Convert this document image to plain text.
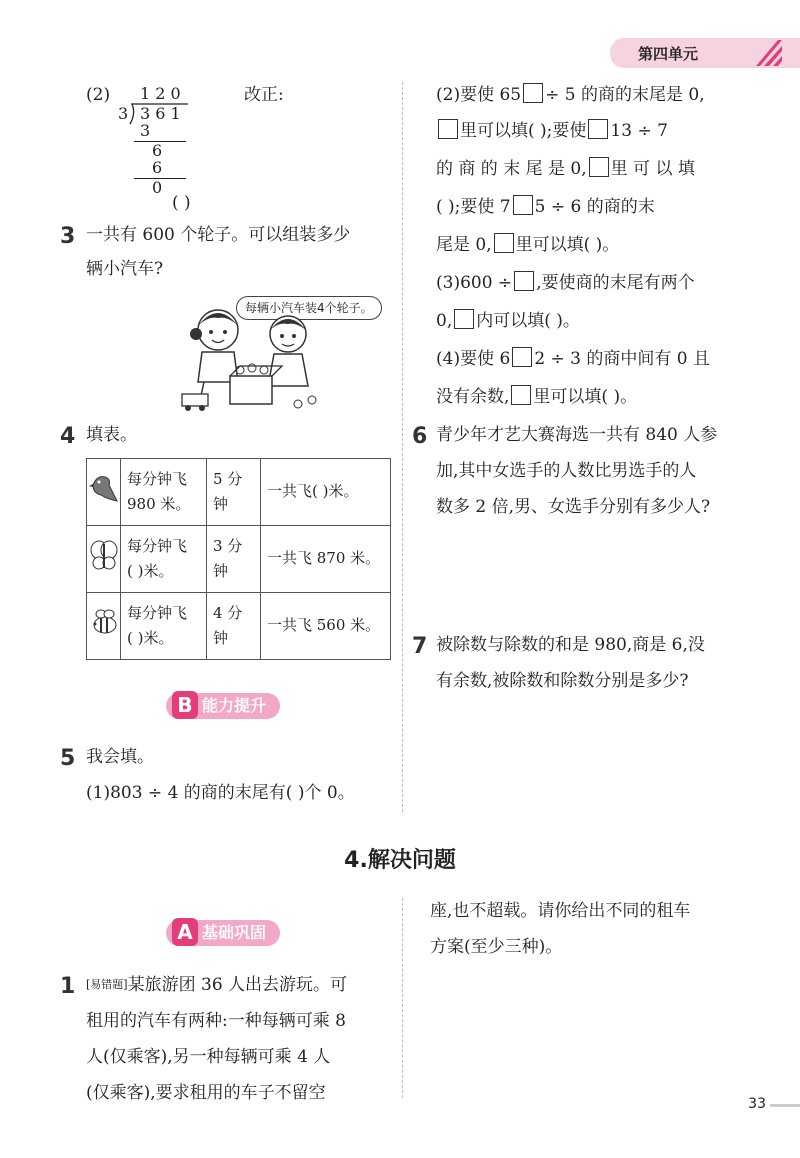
第四单元
(2) 1 2 0
3 3 6 1
3
6
6
0
( )
改正:
3 一共有 600 个轮子。可以组装多少
辆小汽车?
每辆小汽车装4个轮子。
4 填表。
	每分钟飞
980 米。	5 分钟	一共飞( )米。
	每分钟飞
( )米。	3 分钟	一共飞 870 米。
	每分钟飞
( )米。	4 分钟	一共飞 560 米。
B 能力提升
5 我会填。
(1)803 ÷ 4 的商的末尾有( )个 0。
(2)要使 65 ÷ 5 的商的末尾是 0,
里可以填( );要使 13 ÷ 7
的 商 的 末 尾 是 0, 里 可 以 填
( );要使 7 5 ÷ 6 的商的末
尾是 0, 里可以填( )。
(3)600 ÷ ,要使商的末尾有两个
0, 内可以填( )。
(4)要使 6 2 ÷ 3 的商中间有 0 且
没有余数, 里可以填( )。
6 青少年才艺大赛海选一共有 840 人参
加,其中女选手的人数比男选手的人
数多 2 倍,男、女选手分别有多少人?
7 被除数与除数的和是 980,商是 6,没
有余数,被除数和除数分别是多少?
4.解决问题
A 基础巩固
1 [易错题]某旅游团 36 人出去游玩。可
租用的汽车有两种:一种每辆可乘 8
人(仅乘客),另一种每辆可乘 4 人
(仅乘客),要求租用的车子不留空
座,也不超载。请你给出不同的租车
方案(至少三种)。
33
